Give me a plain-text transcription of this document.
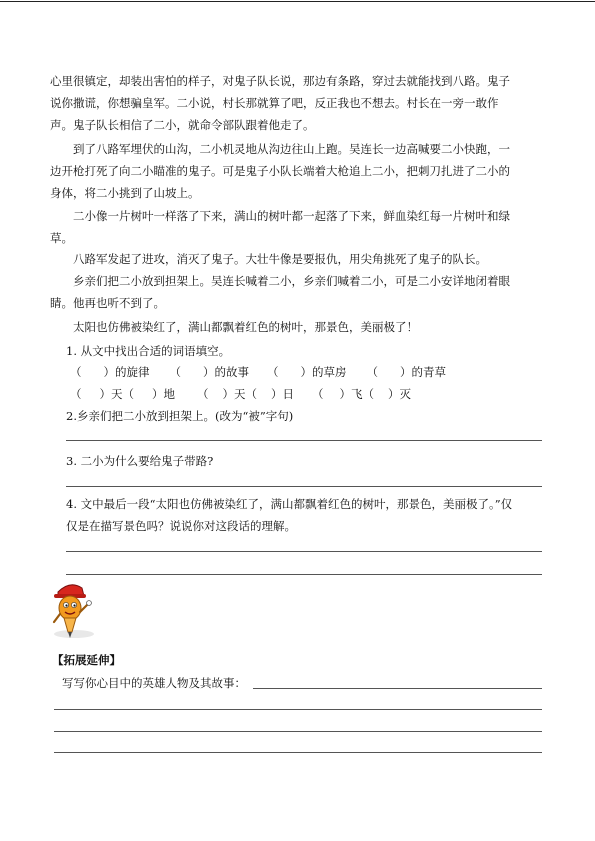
心里很镇定，却装出害怕的样子，对鬼子队长说，那边有条路，穿过去就能找到八路。鬼子
说你撒谎，你想骗皇军。二小说，村长那就算了吧，反正我也不想去。村长在一旁一敢作
声。鬼子队长相信了二小，就命令部队跟着他走了。
到了八路军埋伏的山沟，二小机灵地从沟边往山上跑。吴连长一边高喊要二小快跑，一
边开枪打死了向二小瞄准的鬼子。可是鬼子小队长端着大枪追上二小，把刺刀扎进了二小的
身体，将二小挑到了山坡上。
二小像一片树叶一样落了下来，满山的树叶都一起落了下来，鲜血染红每一片树叶和绿
草。
八路军发起了进攻，消灭了鬼子。大壮牛像是要报仇，用尖角挑死了鬼子的队长。
乡亲们把二小放到担架上。吴连长喊着二小，乡亲们喊着二小，可是二小安详地闭着眼
睛。他再也听不到了。
太阳也仿佛被染红了，满山都飘着红色的树叶，那景色，美丽极了！
1. 从文中找出合适的词语填空。
（ ）的旋律 （ ）的故事 （ ）的草房 （ ）的青草
（ ）天（ ）地 （ ）天（ ）日 （ ）飞（ ）灭
2.乡亲们把二小放到担架上。(改为“被”字句)
3. 二小为什么要给鬼子带路?
4. 文中最后一段“太阳也仿佛被染红了，满山都飘着红色的树叶，那景色，美丽极了。”仅
仅是在描写景色吗？说说你对这段话的理解。
【拓展延伸】
写写你心目中的英雄人物及其故事：
